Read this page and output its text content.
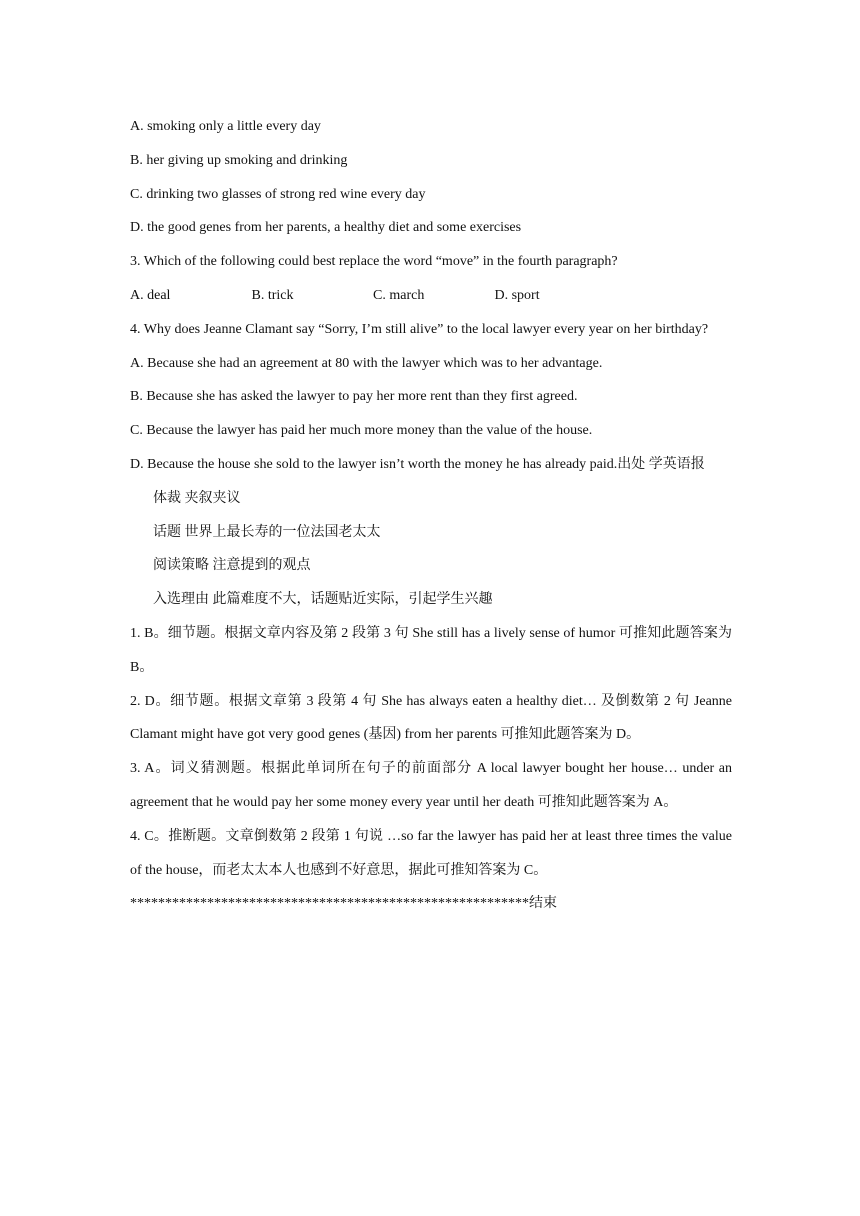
A. smoking only a little every day
B. her giving up smoking and drinking
C. drinking two glasses of strong red wine every day
D. the good genes from her parents, a healthy diet and some exercises
3. Which of the following could best replace the word “move” in the fourth paragraph?
A. deal	B. trick	C. march	D. sport
4. Why does Jeanne Clamant say “Sorry, I’m still alive” to the local lawyer every year on her birthday?
A. Because she had an agreement at 80 with the lawyer which was to her advantage.
B. Because she has asked the lawyer to pay her more rent than they first agreed.
C. Because the lawyer has paid her much more money than the value of the house.
D. Because the house she sold to the lawyer isn’t worth the money he has already paid.出处 学英语报
体裁 夹叙夹议
话题 世界上最长寿的一位法国老太太
阅读策略 注意提到的观点
入选理由 此篇难度不大，话题贴近实际，引起学生兴趣
1. B。细节题。根据文章内容及第 2 段第 3 句 She still has a lively sense of humor 可推知此题答案为 B。
2. D。细节题。根据文章第 3 段第 4 句 She has always eaten a healthy diet… 及倒数第 2 句 Jeanne Clamant might have got very good genes (基因) from her parents 可推知此题答案为 D。
3. A。词义猜测题。根据此单词所在句子的前面部分 A local lawyer bought her house… under an agreement that he would pay her some money every year until her death 可推知此题答案为 A。
4. C。推断题。文章倒数第 2 段第 1 句说 …so far the lawyer has paid her at least three times the value of the house，而老太太本人也感到不好意思，据此可推知答案为 C。
*********************************************************结束
